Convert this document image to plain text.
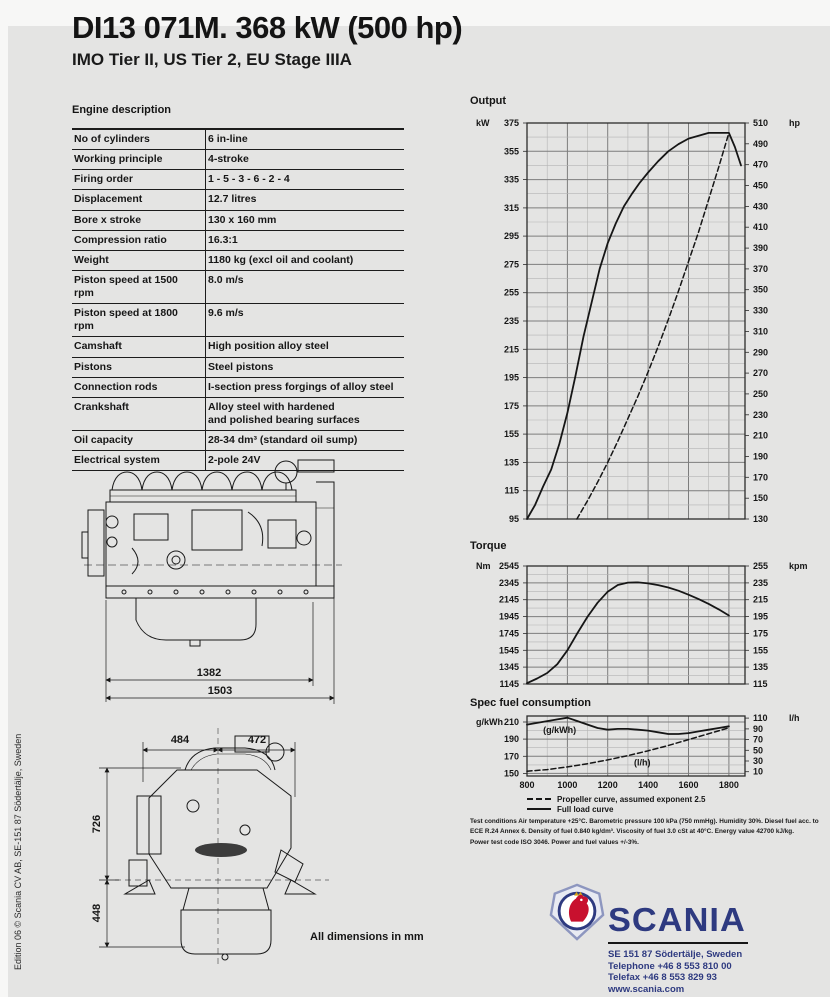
DI13 071M. 368 kW (500 hp)
IMO Tier II, US Tier 2, EU Stage IIIA
Engine description
No of cylinders	6 in-line
Working principle	4-stroke
Firing order	1 - 5 - 3 - 6 - 2 - 4
Displacement	12.7 litres
Bore x stroke	130 x 160 mm
Compression ratio	16.3:1
Weight	1180 kg (excl oil and coolant)
Piston speed at 1500 rpm	8.0 m/s
Piston speed at 1800 rpm	9.6 m/s
Camshaft	High position alloy steel
Pistons	Steel pistons
Connection rods	I-section press forgings of alloy steel
Crankshaft	Alloy steel with hardened
and polished bearing surfaces
Oil capacity	28-34 dm³ (standard oil sump)
Electrical system	2-pole 24V
1382
1503
484	472
726
448
All dimensions in mm
Output
375
355
335
315
295
275
255
235
215
195
175
155
135
115
95
510
490
470
450
430
410
390
370
350
330
310
290
270
250
230
210
190
170
150
130
kW	hp
Torque
2545
2345
2145
1945
1745
1545
1345
1145
255
235
215
195
175
155
135
115
Nm	kpm
Spec fuel consumption
210
190
170
150
110
90
70
50
30
10
g/kWh	l/h
800	1000 1200 1400 1600 1800
(g/kWh)
(l/h)
Propeller curve, assumed exponent 2.5
Full load curve

Test conditions Air temperature +25°C. Barometric pressure 100 kPa (750 mmHg). Humidity 30%. Diesel fuel acc. to ECE R.24 Annex 6. Density of fuel 0.840 kg/dm³. Viscosity of fuel 3.0 cSt at 40°C. Energy value 42700 kJ/kg.

Power test code ISO 3046. Power and fuel values +/-3%.

SCANIA
SE 151 87 Södertälje, Sweden
Telephone +46 8 553 810 00
Telefax +46 8 553 829 93
www.scania.com
Edition 06 © Scania CV AB, SE-151 87 Södertälje, Sweden
